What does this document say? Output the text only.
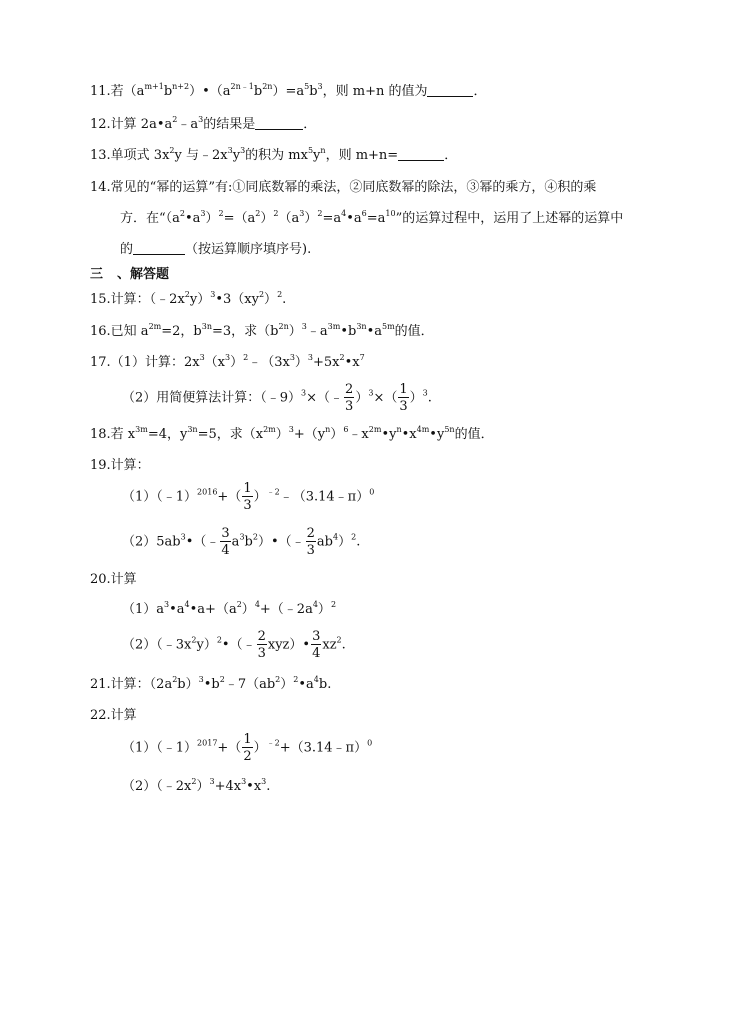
11.若$(a^{m+1}b^{n+2})•(a^{2n﹣1}b^{2n})=a^5b^3$，则 m+n 的值为	．
12.计算 $2a•a^2﹣a^3$的结果是	．
13.单项式 $3x^2y$ 与$﹣2x^3y^3$的积为 $mx^5y^n$，则 m+n=	．
14.常见的“幂的运算”有:①同底数幂的乘法，②同底数幂的除法，③幂的乘方，④积的乘
方．在“$(a^2•a^3)^2=(a^2)^2(a^3)^2=a^4•a^6=a^{10}$”的运算过程中，运用了上述幂的运算中
的	（按运算顺序填序号).
三 、解答题
15.计算：$(﹣2x^2y)^3•3(xy^2)^2$.
16.已知 $a^{2m}=2$，$b^{3n}=3$，求$(b^{2n})^3﹣a^{3m}•b^{3n}•a^{5m}$的值．
17.（1）计算：$2x^3(x^3)^2﹣(3x^3)^3+5x^2•x^7$
（2）用简便算法计算：（﹣9）$^3$×（﹣ $\frac{2}{3} )^3\times( \frac{1}{3} )^3$.
18.若 $x^{3m}=4$，$y^{3n}=5$，求$(x^{2m})^3+(y^n)^6﹣x^{2m}•y^n•x^{4m}•y^{5n}$的值．
19.计算：
（1）（﹣1）$^{2016}$+（ $\frac{1}{3}$ ）$^{﹣2}$﹣（3.14﹣π）$^0$
$(2)5ab^3•(﹣ \frac{3}{4}$ $a^3b^2)•(﹣ \frac{2}{3} ab^4)^2$.
20.计算
$(1)a^3•a^4•a+(a^2)^4+(﹣2a^4)^2$
$(2)(﹣3x^2y)^2•(﹣ \frac{2}{3}$ xyz）• $\frac{3}{4} xz^2$.
21.计算：$(2a^2b)^3•b^2﹣7(ab^2)^2•a^4b$.
22.计算
（1）（﹣1）$^{2017}$+（ $\frac{1}{2}$ ）$^{﹣2}$+（3.14﹣π）$^0$
$(2)(﹣2x^2)^3+4x^3•x^3$.
